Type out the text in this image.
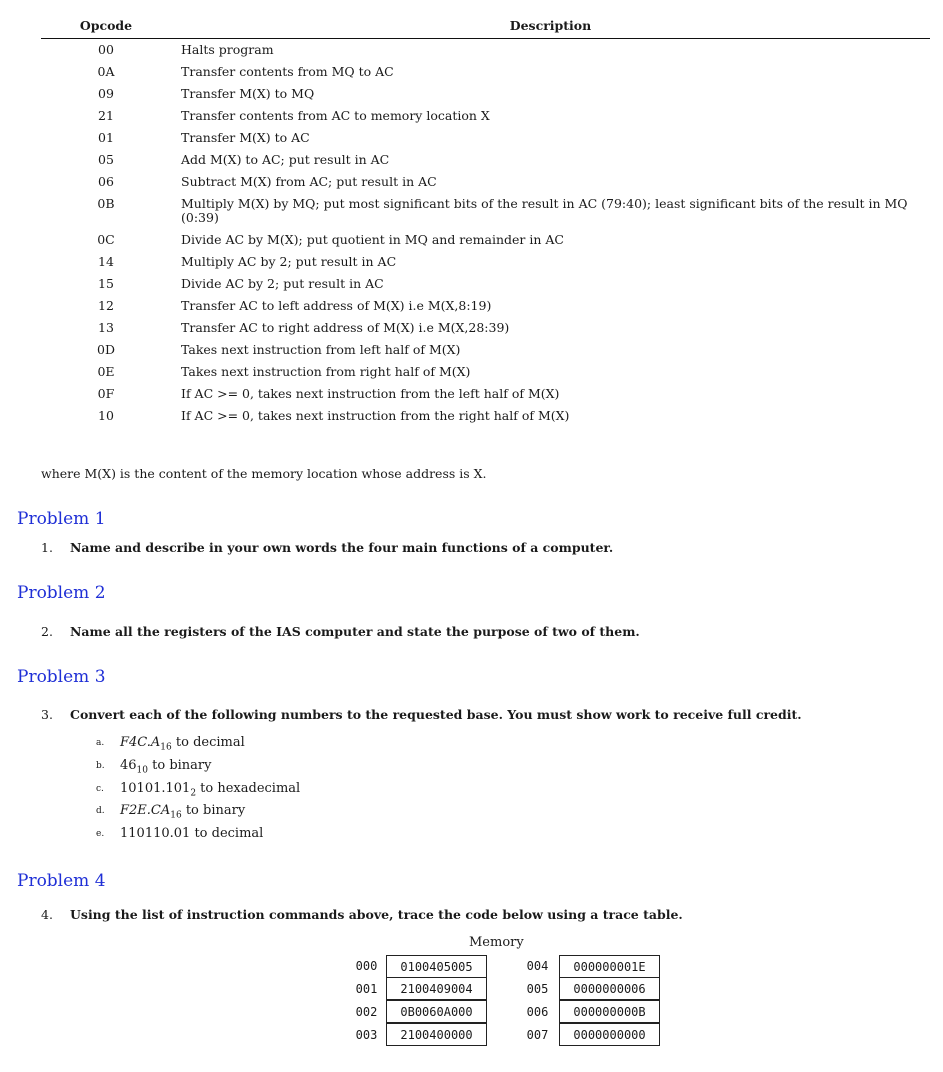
Opcode	Description
00	Halts program
0A	Transfer contents from MQ to AC
09	Transfer M(X) to MQ
21	Transfer contents from AC to memory location X
01	Transfer M(X) to AC
05	Add M(X) to AC; put result in AC
06	Subtract M(X) from AC; put result in AC
0B	Multiply M(X) by MQ; put most significant bits of the result in AC (79:40); least significant bits of the result in MQ (0:39)
0C	Divide AC by M(X); put quotient in MQ and remainder in AC
14	Multiply AC by 2; put result in AC
15	Divide AC by 2; put result in AC
12	Transfer AC to left address of M(X) i.e M(X,8:19)
13	Transfer AC to right address of M(X) i.e M(X,28:39)
0D	Takes next instruction from left half of M(X)
0E	Takes next instruction from right half of M(X)
0F	If AC >= 0, takes next instruction from the left half of M(X)
10	If AC >= 0, takes next instruction from the right half of M(X)
where M(X) is the content of the memory location whose address is X.
Problem 1
1. Name and describe in your own words the four main functions of a computer.
Problem 2
2. Name all the registers of the IAS computer and state the purpose of two of them.
Problem 3
3. Convert each of the following numbers to the requested base. You must show work to receive full credit.
a. $F4C.A_{16}$ to decimal
b. $46_{10}$ to binary
c. $10101.101_2$ to hexadecimal
d. $F2E.CA_{16}$ to binary
e. 110110.01 to decimal
Problem 4
4. Using the list of instruction commands above, trace the code below using a trace table.
Memory
000	0100405005	004	000000001E
001	2100409004	005	0000000006
002	0B0060A000	006	000000000B
003	2100400000	007	0000000000
